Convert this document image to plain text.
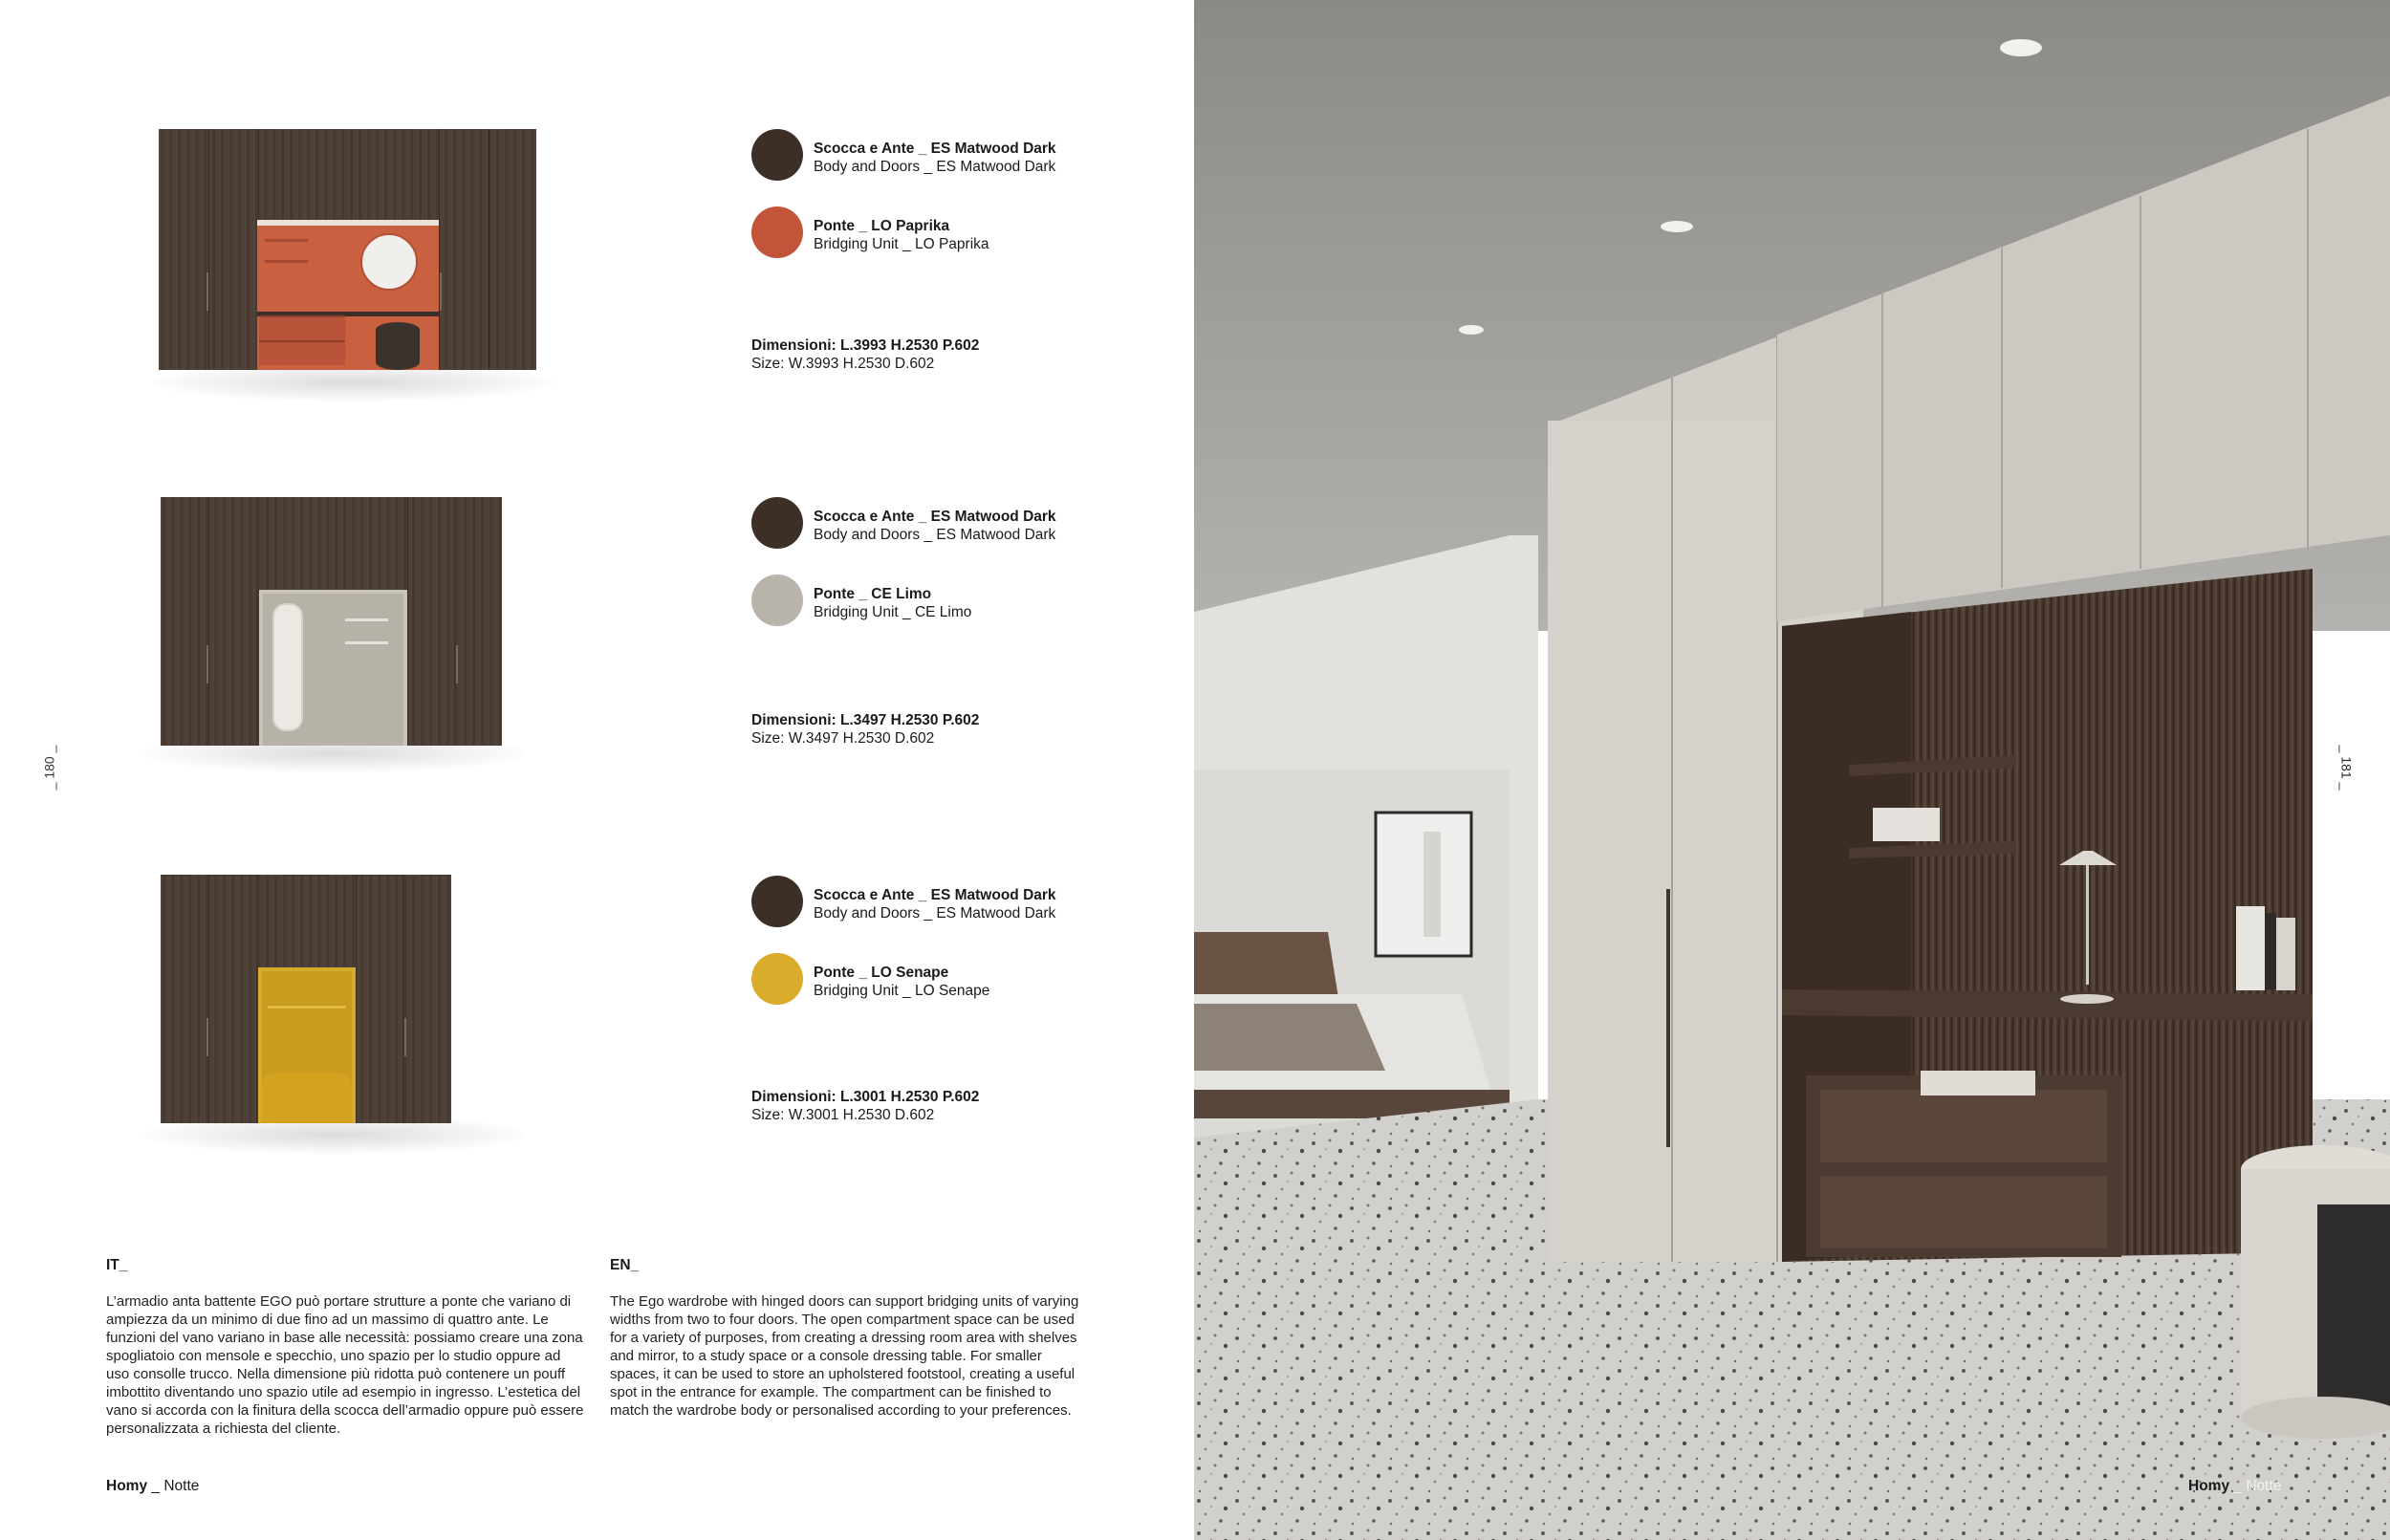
Scocca e Ante _ ES Matwood Dark
Body and Doors _ ES Matwood Dark
Ponte _ LO Paprika
Bridging Unit _ LO Paprika
Dimensioni: L.3993 H.2530 P.602
Size: W.3993 H.2530 D.602
Scocca e Ante _ ES Matwood Dark
Body and Doors _ ES Matwood Dark
Ponte _ CE Limo
Bridging Unit _ CE Limo
Dimensioni: L.3497 H.2530 P.602
Size: W.3497 H.2530 D.602
Scocca e Ante _ ES Matwood Dark
Body and Doors _ ES Matwood Dark
Ponte _ LO Senape
Bridging Unit _ LO Senape
Dimensioni: L.3001 H.2530 P.602
Size: W.3001 H.2530 D.602
_ 180 _
IT_
L’armadio anta battente EGO può portare strutture a ponte che variano di ampiezza da un minimo di due fino ad un massimo di quattro ante. Le funzioni del vano variano in base alle necessità: possiamo creare una zona spogliatoio con mensole e specchio, uno spazio per lo studio oppure ad uso consolle trucco. Nella dimensione più ridotta può contenere un pouff imbottito diventando uno spazio utile ad esempio in ingresso. L’estetica del vano si accorda con la finitura della scocca dell’armadio oppure può essere personalizzata a richiesta del cliente.
EN_
The Ego wardrobe with hinged doors can support bridging units of varying widths from two to four doors. The open compartment space can be used for a variety of purposes, from creating a dressing room area with shelves and mirror, to a study space or a console dressing table. For smaller spaces, it can be used to store an upholstered footstool, creating a useful spot in the entrance for example. The compartment can be finished to match the wardrobe body or personalised according to your preferences.
Homy _ Notte
_ 181 _
Homy _ Notte
